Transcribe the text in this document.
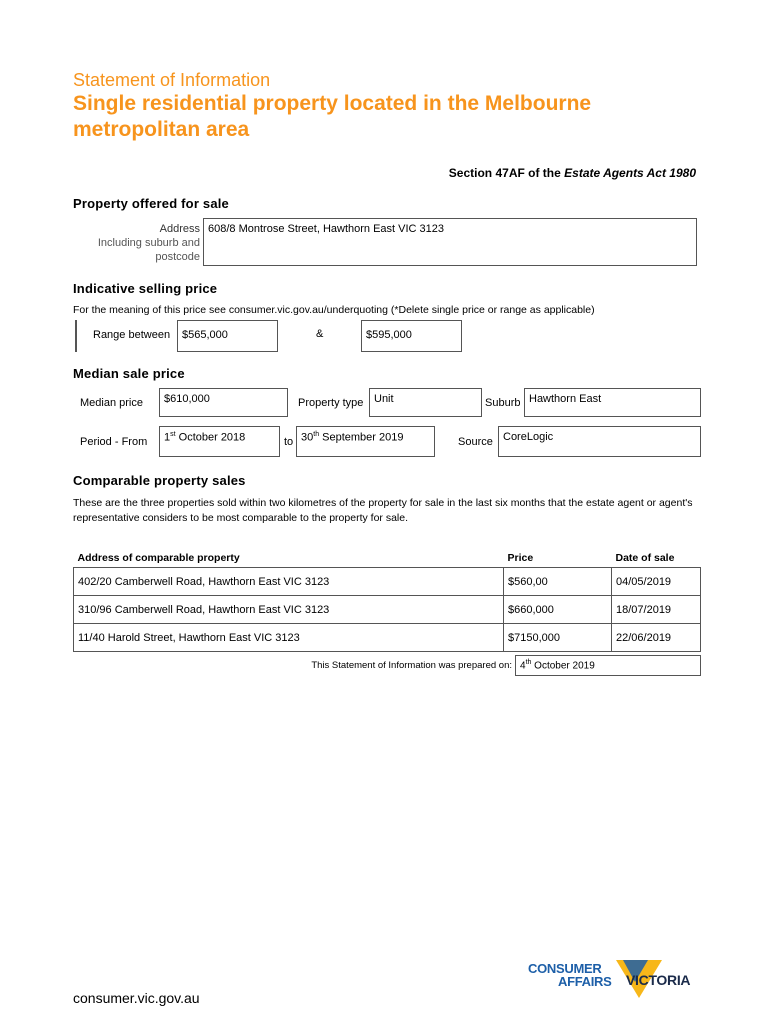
Statement of Information
Single residential property located in the Melbourne metropolitan area
Section 47AF of the Estate Agents Act 1980
Property offered for sale
Address
Including suburb and
postcode
608/8 Montrose Street, Hawthorn East VIC 3123
Indicative selling price
For the meaning of this price see consumer.vic.gov.au/underquoting (*Delete single price or range as applicable)
Range between	$565,000	&	$595,000
Median sale price
Median price	$610,000	Property type Unit	Suburb Hawthorn East
Period - From	1st October 2018	to 30th September 2019	Source CoreLogic
Comparable property sales
These are the three properties sold within two kilometres of the property for sale in the last six months that the estate agent or agent's representative considers to be most comparable to the property for sale.
Address of comparable property	Price	Date of sale
402/20 Camberwell Road, Hawthorn East VIC 3123	$560,00	04/05/2019
310/96 Camberwell Road, Hawthorn East VIC 3123	$660,000	18/07/2019
11/40 Harold Street, Hawthorn East VIC 3123	$7150,000	22/06/2019
This Statement of Information was prepared on: 4th October 2019
consumer.vic.gov.au
CONSUMER
AFFAIRS VICTORIA
